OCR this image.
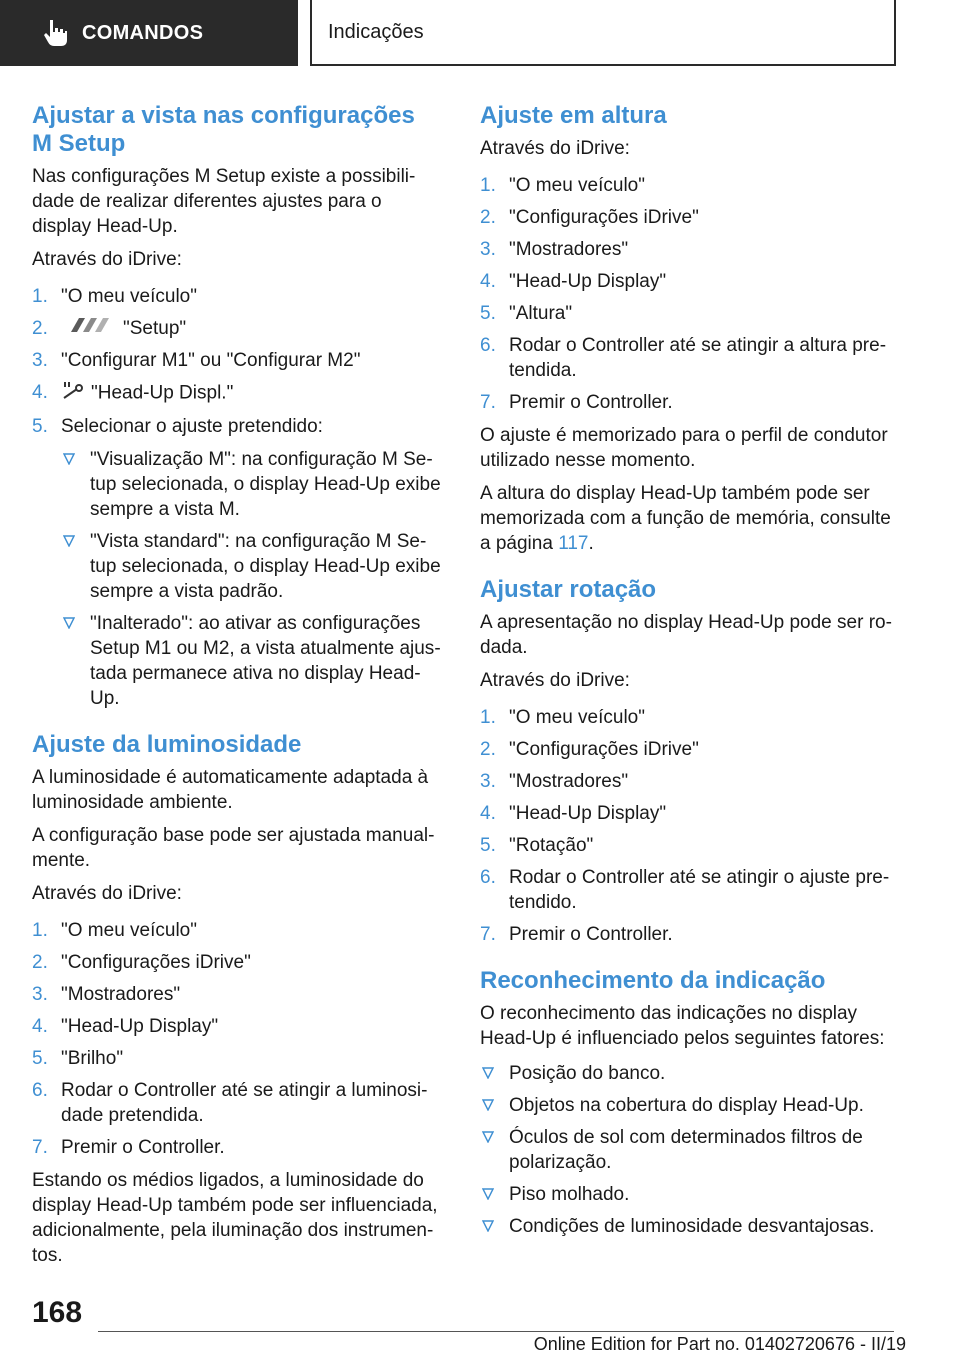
COMANDOS	Indicações
Ajustar a vista nas configurações
M Setup

Nas configurações M Setup existe a possibilidade de realizar diferentes ajustes para o display Head-Up.

Através do iDrive:

1. "O meu veículo"
2.	"Setup"
3. "Configurar M1" ou "Configurar M2"
4. "Head-Up Displ."
5. Selecionar o ajuste pretendido:
"Visualização M": na configuração M Setup selecionada, o display Head-Up exibe sempre a vista M.
"Vista standard": na configuração M Setup selecionada, o display Head-Up exibe sempre a vista padrão.
"Inalterado": ao ativar as configurações Setup M1 ou M2, a vista atualmente ajustada permanece ativa no display Head-Up.
Ajuste da luminosidade

A luminosidade é automaticamente adaptada à luminosidade ambiente.

A configuração base pode ser ajustada manualmente.

Através do iDrive:

1. "O meu veículo"
2. "Configurações iDrive"
3. "Mostradores"
4. "Head-Up Display"
5. "Brilho"
6. Rodar o Controller até se atingir a luminosidade pretendida.
7. Premir o Controller.

Estando os médios ligados, a luminosidade do display Head-Up também pode ser influenciada, adicionalmente, pela iluminação dos instrumentos.

Ajuste em altura

Através do iDrive:

1. "O meu veículo"
2. "Configurações iDrive"
3. "Mostradores"
4. "Head-Up Display"
5. "Altura"
6. Rodar o Controller até se atingir a altura pretendida.
7. Premir o Controller.

O ajuste é memorizado para o perfil de condutor utilizado nesse momento.

A altura do display Head-Up também pode ser memorizada com a função de memória, consulte a página 117.

Ajustar rotação

A apresentação no display Head-Up pode ser rodada.

Através do iDrive:

1. "O meu veículo"
2. "Configurações iDrive"
3. "Mostradores"
4. "Head-Up Display"
5. "Rotação"
6. Rodar o Controller até se atingir o ajuste pretendido.
7. Premir o Controller.
Reconhecimento da indicação

O reconhecimento das indicações no display Head-Up é influenciado pelos seguintes fatores:

Posição do banco.
Objetos na cobertura do display Head-Up.
Óculos de sol com determinados filtros de polarização.
Piso molhado.
Condições de luminosidade desvantajosas.
168
Online Edition for Part no. 01402720676 - II/19
